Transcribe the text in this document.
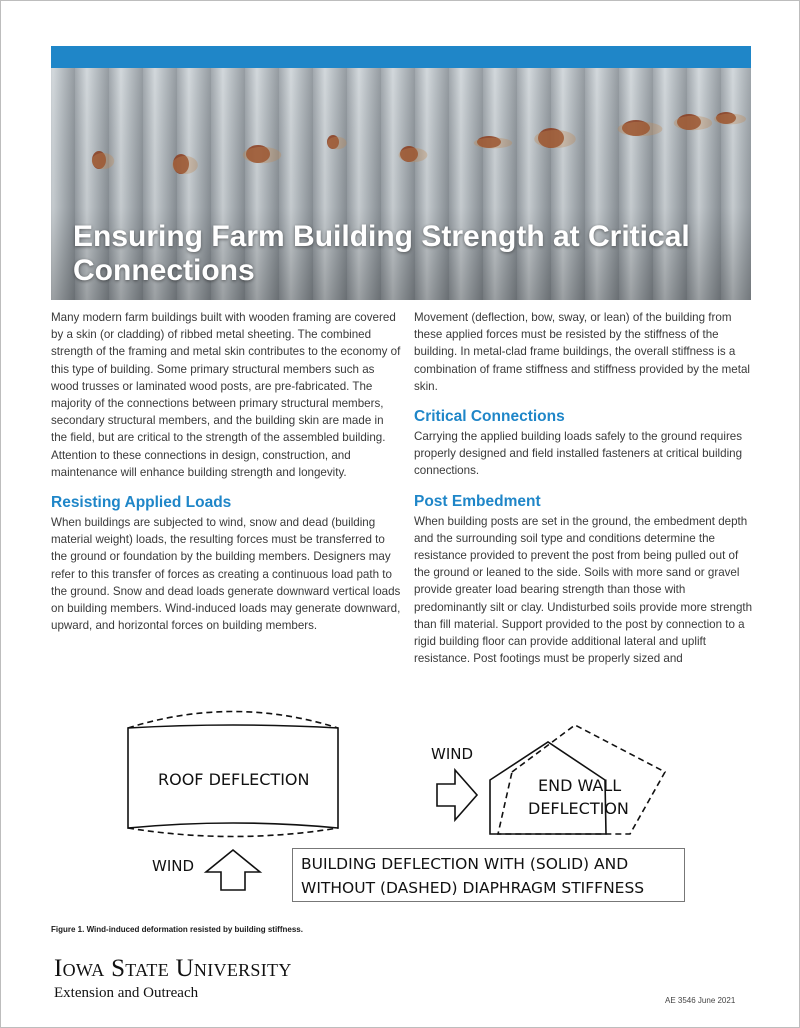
Ensuring Farm Building Strength at Critical Connections

Many modern farm buildings built with wooden framing are covered by a skin (or cladding) of ribbed metal sheeting. The combined strength of the framing and metal skin contributes to the economy of this type of building. Some primary structural members such as wood trusses or laminated wood posts, are pre-fabricated. The majority of the connections between primary structural members, secondary structural members, and the building skin are made in the field, but are critical to the strength of the assembled building. Attention to these connections in design, construction, and maintenance will enhance building strength and longevity.

Resisting Applied Loads

When buildings are subjected to wind, snow and dead (building material weight) loads, the resulting forces must be transferred to the ground or foundation by the building members. Designers may refer to this transfer of forces as creating a continuous load path to the ground. Snow and dead loads generate downward vertical loads on building members. Wind-induced loads may generate downward, upward, and horizontal forces on building members.

Movement (deflection, bow, sway, or lean) of the building from these applied forces must be resisted by the stiffness of the building. In metal-clad frame buildings, the overall stiffness is a combination of frame stiffness and stiffness provided by the metal skin.

Critical Connections

Carrying the applied building loads safely to the ground requires properly designed and field installed fasteners at critical building connections.

Post Embedment

When building posts are set in the ground, the embedment depth and the surrounding soil type and conditions determine the resistance provided to prevent the post from being pulled out of the ground or leaned to the side. Soils with more sand or gravel provide greater load bearing strength than those with predominantly silt or clay. Undisturbed soils provide more strength than fill material. Support provided to the post by connection to a rigid building floor can provide additional lateral and uplift resistance. Post footings must be properly sized and

ROOF DEFLECTION
WIND
END WALL
DEFLECTION
WIND	BUILDING DEFLECTION WITH (SOLID) AND
WITHOUT (DASHED) DIAPHRAGM STIFFNESS
Figure 1. Wind-induced deformation resisted by building stiffness.
Iowa State University
Extension and Outreach	AE 3546 June 2021
